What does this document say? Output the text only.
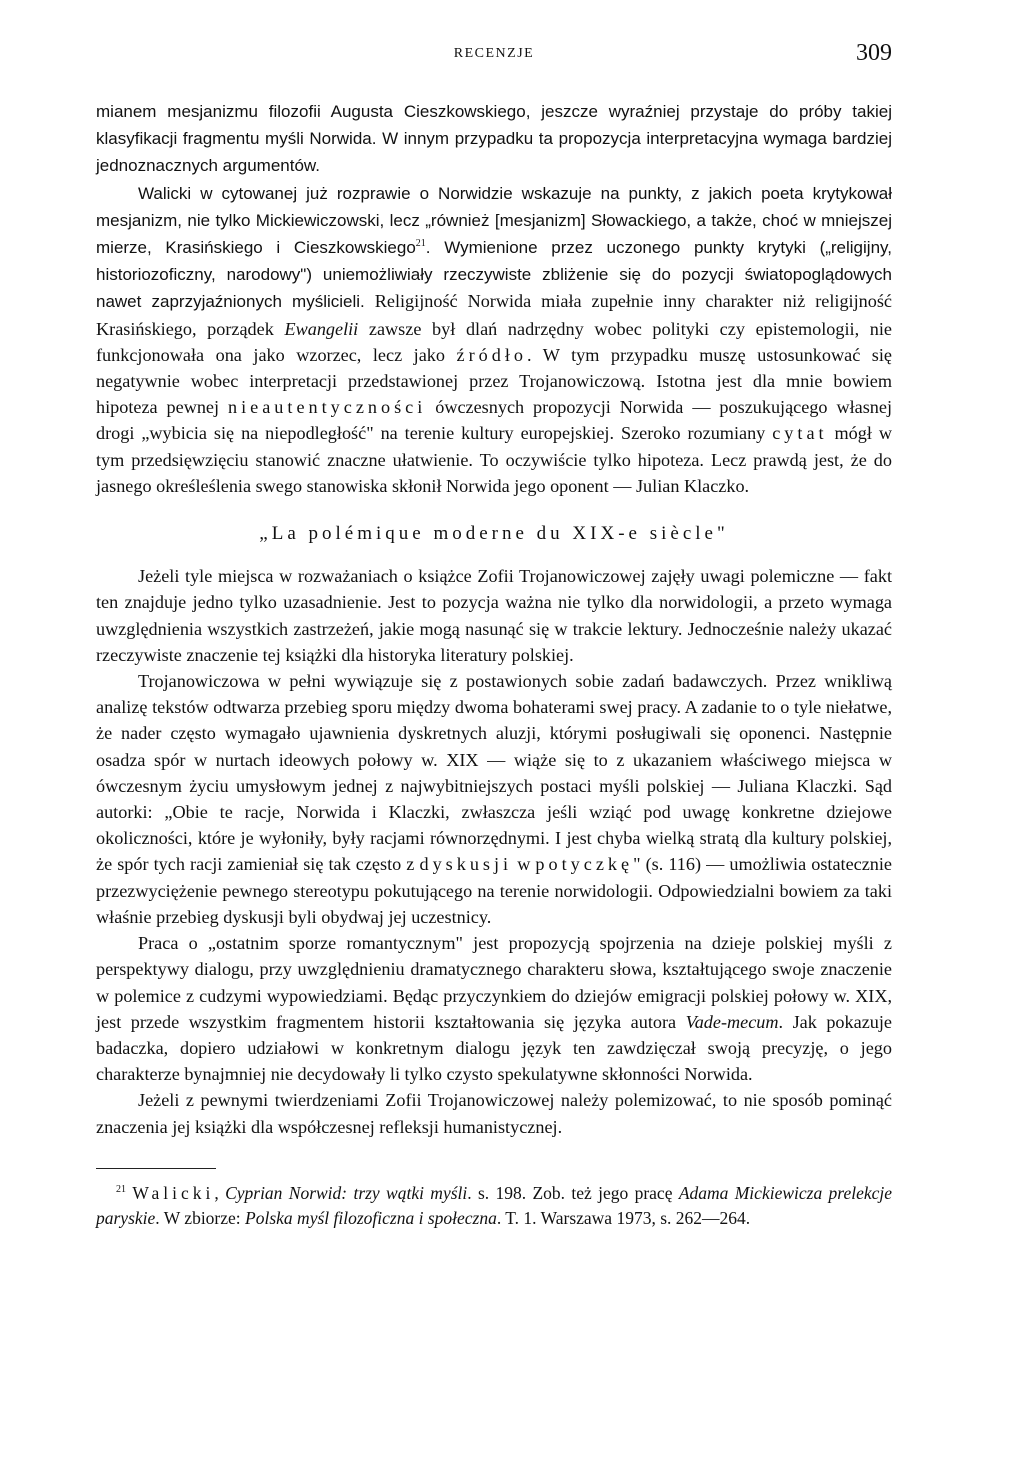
RECENZJE	309

mianem mesjanizmu filozofii Augusta Cieszkowskiego, jeszcze wyraźniej przystaje do próby takiej klasyfikacji fragmentu myśli Norwida. W innym przypadku ta propozycja interpretacyjna wymaga bardziej jednoznacznych argumentów.

Walicki w cytowanej już rozprawie o Norwidzie wskazuje na punkty, z jakich poeta krytykował mesjanizm, nie tylko Mickiewiczowski, lecz „również [mesjanizm] Słowackiego, a także, choć w mniejszej mierze, Krasińskiego i Cieszkowskiego$^{21}$. Wymienione przez uczonego punkty krytyki („religijny, historiozoficzny, narodowy") uniemożliwiały rzeczywiste zbliżenie się do pozycji światopoglądowych nawet zaprzyjaźnionych myślicieli. Religijność Norwida miała zupełnie inny charakter niż religijność Krasińskiego, porządek Ewangelii zawsze był dlań nadrzędny wobec polityki czy epistemologii, nie funkcjonowała ona jako wzorzec, lecz jako źródło. W tym przypadku muszę ustosunkować się negatywnie wobec interpretacji przedstawionej przez Trojanowiczową. Istotna jest dla mnie bowiem hipoteza pewnej nieautentyczności ówczesnych propozycji Norwida — poszukującego własnej drogi „wybicia się na niepodległość" na terenie kultury europejskiej. Szeroko rozumiany cytat mógł w tym przedsięwzięciu stanowić znaczne ułatwienie. To oczywiście tylko hipoteza. Lecz prawdą jest, że do jasnego określeślenia swego stanowiska skłonił Norwida jego oponent — Julian Klaczko.

„La polémique moderne du XIX-e siècle"

Jeżeli tyle miejsca w rozważaniach o książce Zofii Trojanowiczowej zajęły uwagi polemiczne — fakt ten znajduje jedno tylko uzasadnienie. Jest to pozycja ważna nie tylko dla norwidologii, a przeto wymaga uwzględnienia wszystkich zastrzeżeń, jakie mogą nasunąć się w trakcie lektury. Jednocześnie należy ukazać rzeczywiste znaczenie tej książki dla historyka literatury polskiej.

Trojanowiczowa w pełni wywiązuje się z postawionych sobie zadań badawczych. Przez wnikliwą analizę tekstów odtwarza przebieg sporu między dwoma bohaterami swej pracy. A zadanie to o tyle niełatwe, że nader często wymagało ujawnienia dyskretnych aluzji, którymi posługiwali się oponenci. Następnie osadza spór w nurtach ideowych połowy w. XIX — wiąże się to z ukazaniem właściwego miejsca w ówczesnym życiu umysłowym jednej z najwybitniejszych postaci myśli polskiej — Juliana Klaczki. Sąd autorki: „Obie te racje, Norwida i Klaczki, zwłaszcza jeśli wziąć pod uwagę konkretne dziejowe okoliczności, które je wyłoniły, były racjami równorzędnymi. I jest chyba wielką stratą dla kultury polskiej, że spór tych racji zamieniał się tak często z dyskusji w potyczkę" (s. 116) — umożliwia ostatecznie przezwyciężenie pewnego stereotypu pokutującego na terenie norwidologii. Odpowiedzialni bowiem za taki właśnie przebieg dyskusji byli obydwaj jej uczestnicy.

Praca o „ostatnim sporze romantycznym" jest propozycją spojrzenia na dzieje polskiej myśli z perspektywy dialogu, przy uwzględnieniu dramatycznego charakteru słowa, kształtującego swoje znaczenie w polemice z cudzymi wypowiedziami. Będąc przyczynkiem do dziejów emigracji polskiej połowy w. XIX, jest przede wszystkim fragmentem historii kształtowania się języka autora Vade-mecum. Jak pokazuje badaczka, dopiero udziałowi w konkretnym dialogu język ten zawdzięczał swoją precyzję, o jego charakterze bynajmniej nie decydowały li tylko czysto spekulatywne skłonności Norwida.

Jeżeli z pewnymi twierdzeniami Zofii Trojanowiczowej należy polemizować, to nie sposób pominąć znaczenia jej książki dla współczesnej refleksji humanistycznej.

$^{21}$ Walicki, Cyprian Norwid: trzy wątki myśli. s. 198. Zob. też jego pracę Adama Mickiewicza prelekcje paryskie. W zbiorze: Polska myśl filozoficzna i społeczna. T. 1. Warszawa 1973, s. 262—264.
